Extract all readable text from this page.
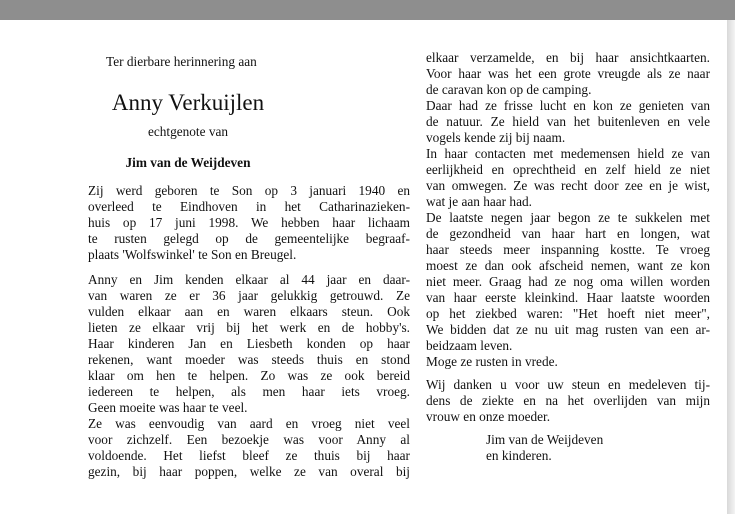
Ter dierbare herinnering aan
Anny Verkuijlen
echtgenote van
Jim van de Weijdeven
Zij werd geboren te Son op 3 januari 1940 en
overleed te Eindhoven in het Catharinazieken-
huis op 17 juni 1998. We hebben haar lichaam
te rusten gelegd op de gemeentelijke begraaf-
plaats 'Wolfswinkel' te Son en Breugel.
Anny en Jim kenden elkaar al 44 jaar en daar-
van waren ze er 36 jaar gelukkig getrouwd. Ze
vulden elkaar aan en waren elkaars steun. Ook
lieten ze elkaar vrij bij het werk en de hobby's.
Haar kinderen Jan en Liesbeth konden op haar
rekenen, want moeder was steeds thuis en stond
klaar om hen te helpen. Zo was ze ook bereid
iedereen te helpen, als men haar iets vroeg.
Geen moeite was haar te veel.
Ze was eenvoudig van aard en vroeg niet veel
voor zichzelf. Een bezoekje was voor Anny al
voldoende. Het liefst bleef ze thuis bij haar
gezin, bij haar poppen, welke ze van overal bij
elkaar verzamelde, en bij haar ansichtkaarten.
Voor haar was het een grote vreugde als ze naar
de caravan kon op de camping.
Daar had ze frisse lucht en kon ze genieten van
de natuur. Ze hield van het buitenleven en vele
vogels kende zij bij naam.
In haar contacten met medemensen hield ze van
eerlijkheid en oprechtheid en zelf hield ze niet
van omwegen. Ze was recht door zee en je wist,
wat je aan haar had.
De laatste negen jaar begon ze te sukkelen met
de gezondheid van haar hart en longen, wat
haar steeds meer inspanning kostte. Te vroeg
moest ze dan ook afscheid nemen, want ze kon
niet meer. Graag had ze nog oma willen worden
van haar eerste kleinkind. Haar laatste woorden
op het ziekbed waren: "Het hoeft niet meer",
We bidden dat ze nu uit mag rusten van een ar-
beidzaam leven.
Moge ze rusten in vrede.
Wij danken u voor uw steun en medeleven tij-
dens de ziekte en na het overlijden van mijn
vrouw en onze moeder.
Jim van de Weijdeven
en kinderen.
